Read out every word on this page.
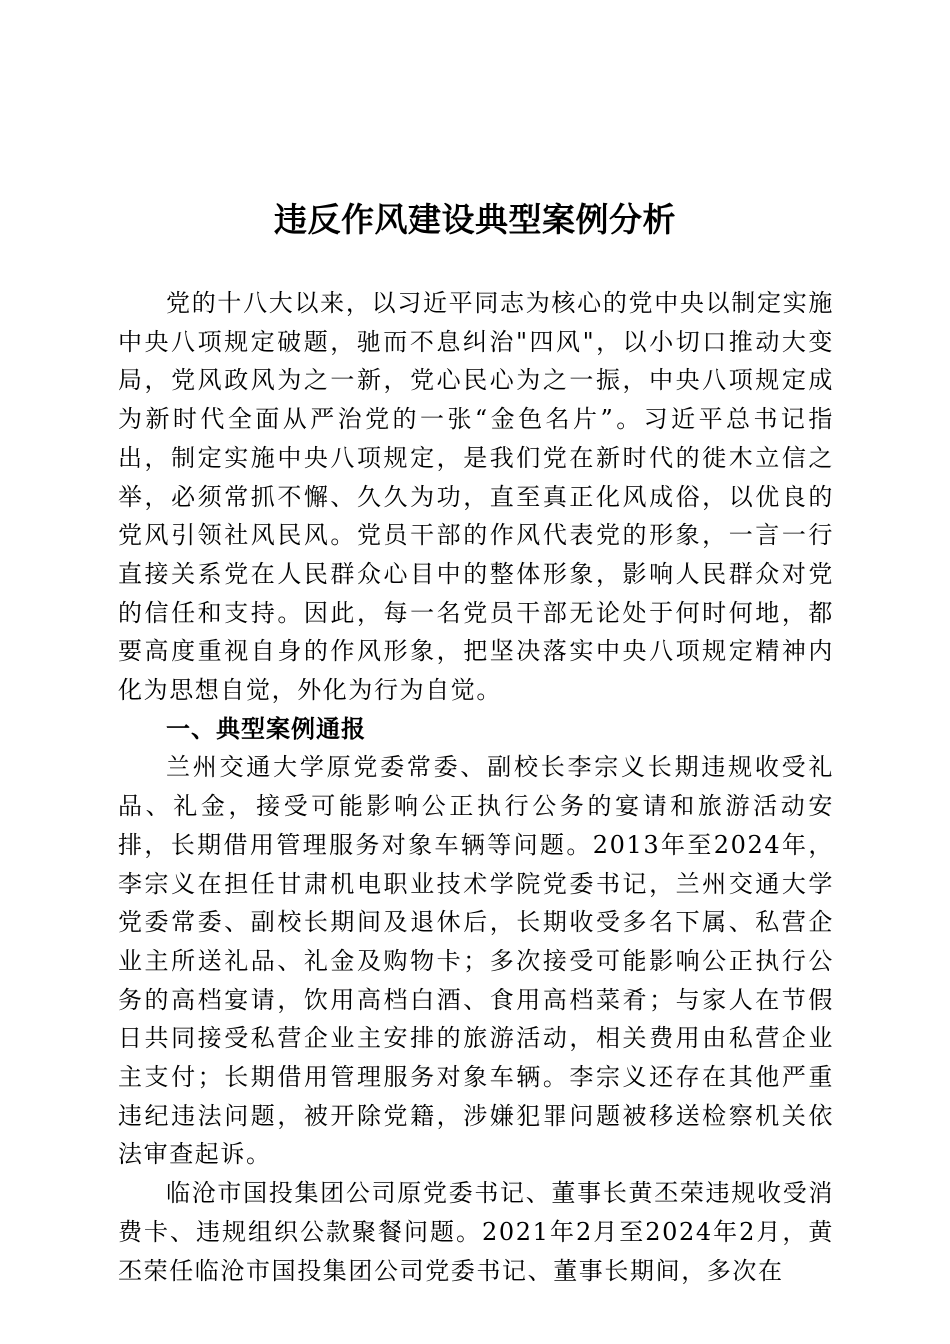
违反作风建设典型案例分析

党的十八大以来，以习近平同志为核心的党中央以制定实施中央八项规定破题，驰而不息纠治"四风"，以小切口推动大变局，党风政风为之一新，党心民心为之一振，中央八项规定成为新时代全面从严治党的一张“金色名片”。习近平总书记指出，制定实施中央八项规定，是我们党在新时代的徙木立信之举，必须常抓不懈、久久为功，直至真正化风成俗，以优良的党风引领社风民风。党员干部的作风代表党的形象，一言一行直接关系党在人民群众心目中的整体形象，影响人民群众对党的信任和支持。因此，每一名党员干部无论处于何时何地，都要高度重视自身的作风形象，把坚决落实中央八项规定精神内化为思想自觉，外化为行为自觉。

一、典型案例通报

兰州交通大学原党委常委、副校长李宗义长期违规收受礼品、礼金，接受可能影响公正执行公务的宴请和旅游活动安排，长期借用管理服务对象车辆等问题。2013年至2024年，李宗义在担任甘肃机电职业技术学院党委书记，兰州交通大学党委常委、副校长期间及退休后，长期收受多名下属、私营企业主所送礼品、礼金及购物卡；多次接受可能影响公正执行公务的高档宴请，饮用高档白酒、食用高档菜肴；与家人在节假日共同接受私营企业主安排的旅游活动，相关费用由私营企业主支付；长期借用管理服务对象车辆。李宗义还存在其他严重违纪违法问题，被开除党籍，涉嫌犯罪问题被移送检察机关依法审查起诉。

临沧市国投集团公司原党委书记、董事长黄丕荣违规收受消费卡、违规组织公款聚餐问题。2021年2月至2024年2月，黄丕荣任临沧市国投集团公司党委书记、董事长期间，多次在
